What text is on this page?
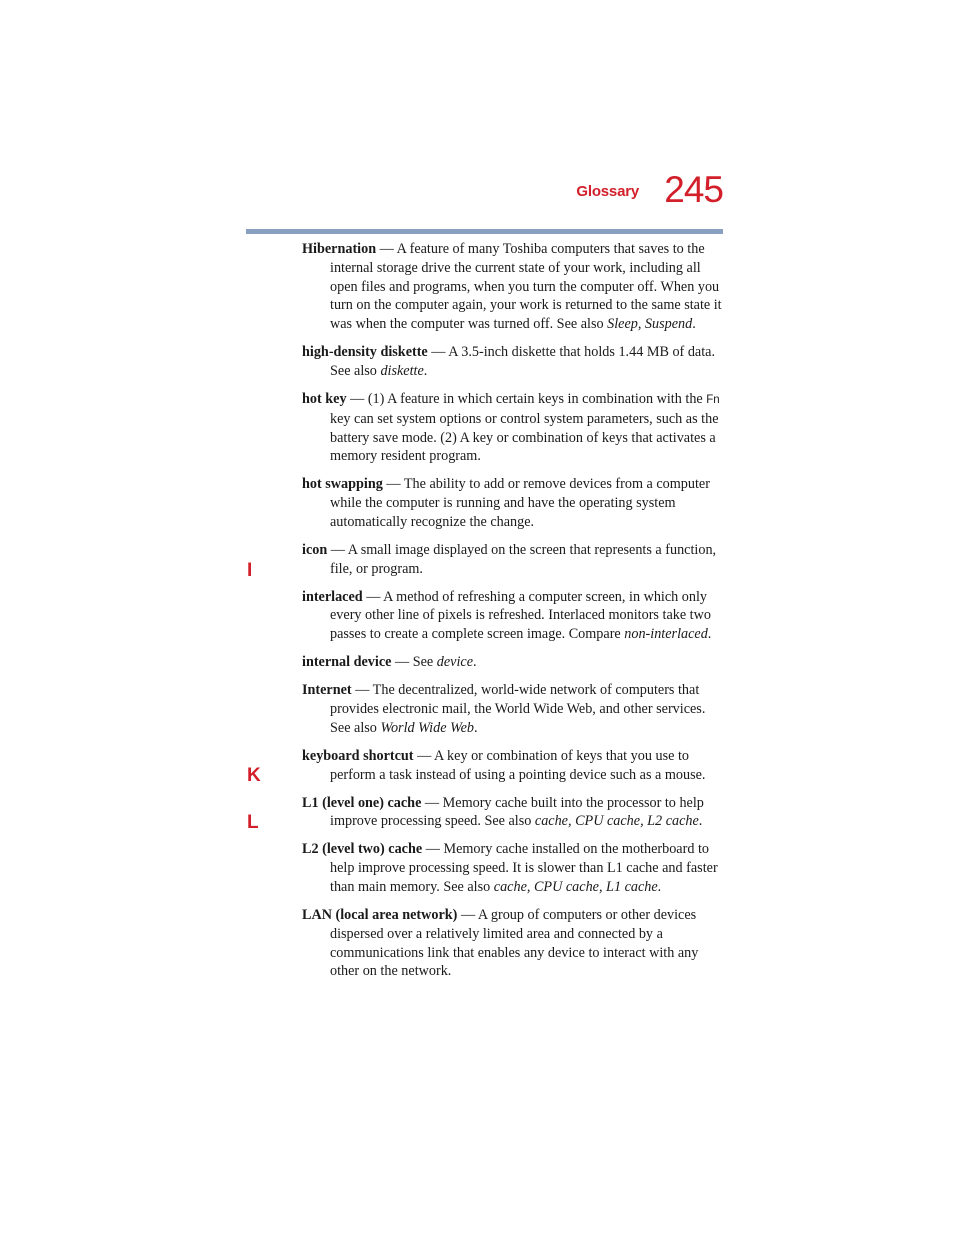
Glossary 245
I
K
L

Hibernation — A feature of many Toshiba computers that saves to the internal storage drive the current state of your work, including all open files and programs, when you turn the computer off. When you turn on the computer again, your work is returned to the same state it was when the computer was turned off. See also Sleep, Suspend.

high-density diskette — A 3.5-inch diskette that holds 1.44 MB of data. See also diskette.

hot key — (1) A feature in which certain keys in combination with the Fn key can set system options or control system parameters, such as the battery save mode. (2) A key or combination of keys that activates a memory resident program.

hot swapping — The ability to add or remove devices from a computer while the computer is running and have the operating system automatically recognize the change.

icon — A small image displayed on the screen that represents a function, file, or program.

interlaced — A method of refreshing a computer screen, in which only every other line of pixels is refreshed. Interlaced monitors take two passes to create a complete screen image. Compare non-interlaced.

internal device — See device.

Internet — The decentralized, world-wide network of computers that provides electronic mail, the World Wide Web, and other services. See also World Wide Web.

keyboard shortcut — A key or combination of keys that you use to perform a task instead of using a pointing device such as a mouse.

L1 (level one) cache — Memory cache built into the processor to help improve processing speed. See also cache, CPU cache, L2 cache.

L2 (level two) cache — Memory cache installed on the motherboard to help improve processing speed. It is slower than L1 cache and faster than main memory. See also cache, CPU cache, L1 cache.

LAN (local area network) — A group of computers or other devices dispersed over a relatively limited area and connected by a communications link that enables any device to interact with any other on the network.
